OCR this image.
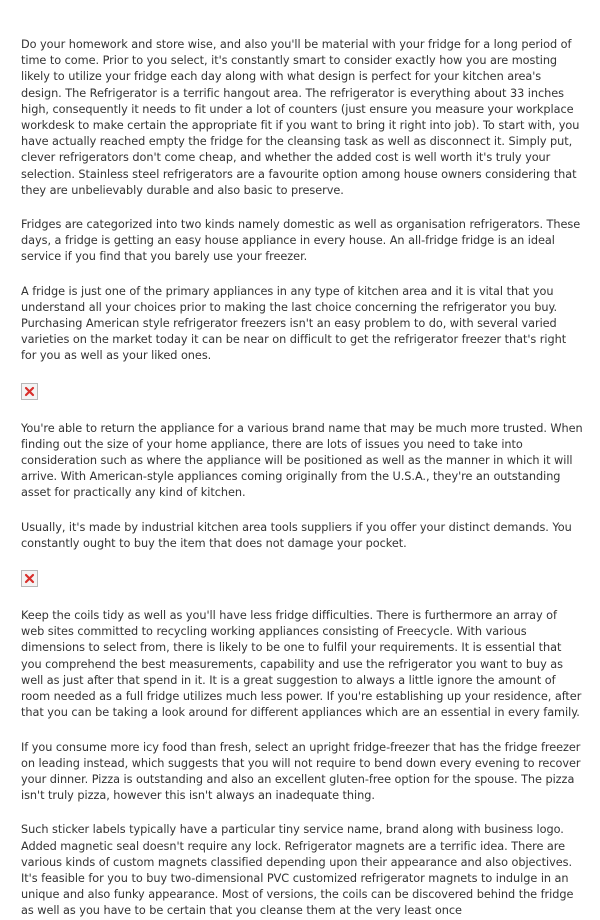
Do your homework and store wise, and also you'll be material with your fridge for a long period of time to come. Prior to you select, it's constantly smart to consider exactly how you are mosting likely to utilize your fridge each day along with what design is perfect for your kitchen area's design. The Refrigerator is a terrific hangout area. The refrigerator is everything about 33 inches high, consequently it needs to fit under a lot of counters (just ensure you measure your workplace workdesk to make certain the appropriate fit if you want to bring it right into job). To start with, you have actually reached empty the fridge for the cleansing task as well as disconnect it. Simply put, clever refrigerators don't come cheap, and whether the added cost is well worth it's truly your selection. Stainless steel refrigerators are a favourite option among house owners considering that they are unbelievably durable and also basic to preserve.

Fridges are categorized into two kinds namely domestic as well as organisation refrigerators. These days, a fridge is getting an easy house appliance in every house. An all-fridge fridge is an ideal service if you find that you barely use your freezer.

A fridge is just one of the primary appliances in any type of kitchen area and it is vital that you understand all your choices prior to making the last choice concerning the refrigerator you buy. Purchasing American style refrigerator freezers isn't an easy problem to do, with several varied varieties on the market today it can be near on difficult to get the refrigerator freezer that's right for you as well as your liked ones.

You're able to return the appliance for a various brand name that may be much more trusted. When finding out the size of your home appliance, there are lots of issues you need to take into consideration such as where the appliance will be positioned as well as the manner in which it will arrive. With American-style appliances coming originally from the U.S.A., they're an outstanding asset for practically any kind of kitchen.

Usually, it's made by industrial kitchen area tools suppliers if you offer your distinct demands. You constantly ought to buy the item that does not damage your pocket.

Keep the coils tidy as well as you'll have less fridge difficulties. There is furthermore an array of web sites committed to recycling working appliances consisting of Freecycle. With various dimensions to select from, there is likely to be one to fulfil your requirements. It is essential that you comprehend the best measurements, capability and use the refrigerator you want to buy as well as just after that spend in it. It is a great suggestion to always a little ignore the amount of room needed as a full fridge utilizes much less power. If you're establishing up your residence, after that you can be taking a look around for different appliances which are an essential in every family.

If you consume more icy food than fresh, select an upright fridge-freezer that has the fridge freezer on leading instead, which suggests that you will not require to bend down every evening to recover your dinner. Pizza is outstanding and also an excellent gluten-free option for the spouse. The pizza isn't truly pizza, however this isn't always an inadequate thing.

Such sticker labels typically have a particular tiny service name, brand along with business logo. Added magnetic seal doesn't require any lock. Refrigerator magnets are a terrific idea. There are various kinds of custom magnets classified depending upon their appearance and also objectives. It's feasible for you to buy two-dimensional PVC customized refrigerator magnets to indulge in an unique and also funky appearance. Most of versions, the coils can be discovered behind the fridge as well as you have to be certain that you cleanse them at the very least once
